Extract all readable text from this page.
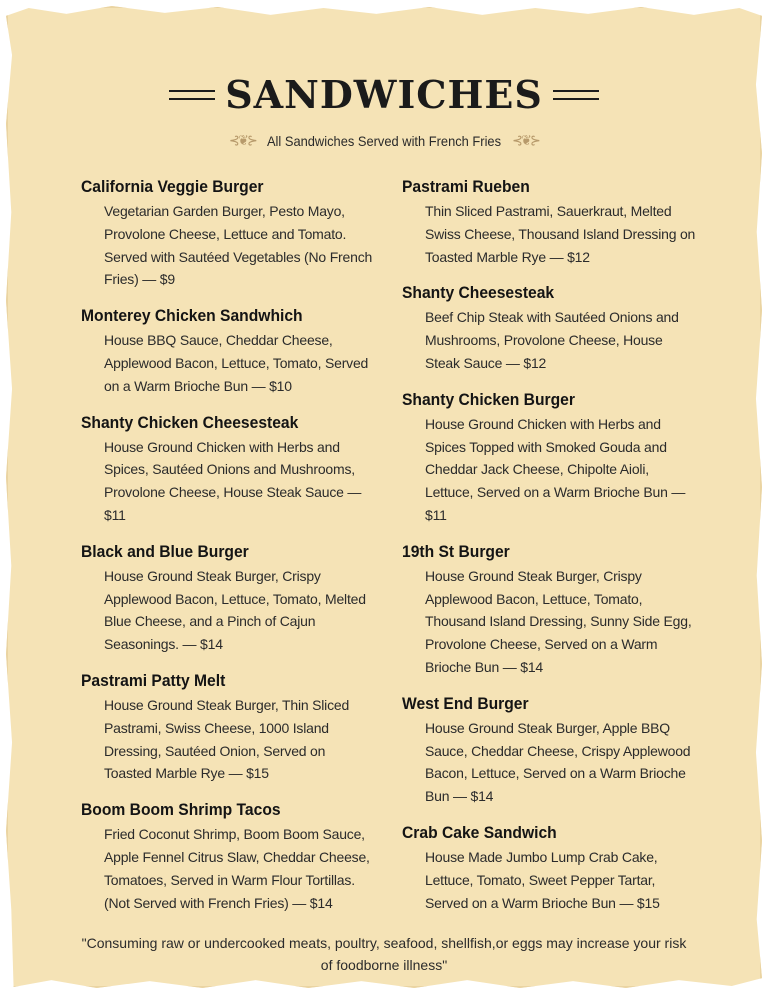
SANDWICHES
⊰❦⊱ All Sandwiches Served with French Fries ⊰❦⊱
California Veggie Burger
Vegetarian Garden Burger, Pesto Mayo, Provolone Cheese, Lettuce and Tomato. Served with Sautéed Vegetables (No French Fries) — $9
Monterey Chicken Sandwhich
House BBQ Sauce, Cheddar Cheese, Applewood Bacon, Lettuce, Tomato, Served on a Warm Brioche Bun — $10
Shanty Chicken Cheesesteak
House Ground Chicken with Herbs and Spices, Sautéed Onions and Mushrooms, Provolone Cheese, House Steak Sauce — $11
Black and Blue Burger
House Ground Steak Burger, Crispy Applewood Bacon, Lettuce, Tomato, Melted Blue Cheese, and a Pinch of Cajun Seasonings. — $14
Pastrami Patty Melt
House Ground Steak Burger, Thin Sliced Pastrami, Swiss Cheese, 1000 Island Dressing, Sautéed Onion, Served on Toasted Marble Rye — $15
Boom Boom Shrimp Tacos
Fried Coconut Shrimp, Boom Boom Sauce, Apple Fennel Citrus Slaw, Cheddar Cheese, Tomatoes, Served in Warm Flour Tortillas. (Not Served with French Fries) — $14
Pastrami Rueben
Thin Sliced Pastrami, Sauerkraut, Melted Swiss Cheese, Thousand Island Dressing on Toasted Marble Rye — $12
Shanty Cheesesteak
Beef Chip Steak with Sautéed Onions and Mushrooms, Provolone Cheese, House Steak Sauce — $12
Shanty Chicken Burger
House Ground Chicken with Herbs and Spices Topped with Smoked Gouda and Cheddar Jack Cheese, Chipolte Aioli, Lettuce, Served on a Warm Brioche Bun — $11
19th St Burger
House Ground Steak Burger, Crispy Applewood Bacon, Lettuce, Tomato, Thousand Island Dressing, Sunny Side Egg, Provolone Cheese, Served on a Warm Brioche Bun — $14
West End Burger
House Ground Steak Burger, Apple BBQ Sauce, Cheddar Cheese, Crispy Applewood Bacon, Lettuce, Served on a Warm Brioche Bun — $14
Crab Cake Sandwich
House Made Jumbo Lump Crab Cake, Lettuce, Tomato, Sweet Pepper Tartar, Served on a Warm Brioche Bun — $15
"Consuming raw or undercooked meats, poultry, seafood, shellfish,or eggs may increase your risk of foodborne illness"
